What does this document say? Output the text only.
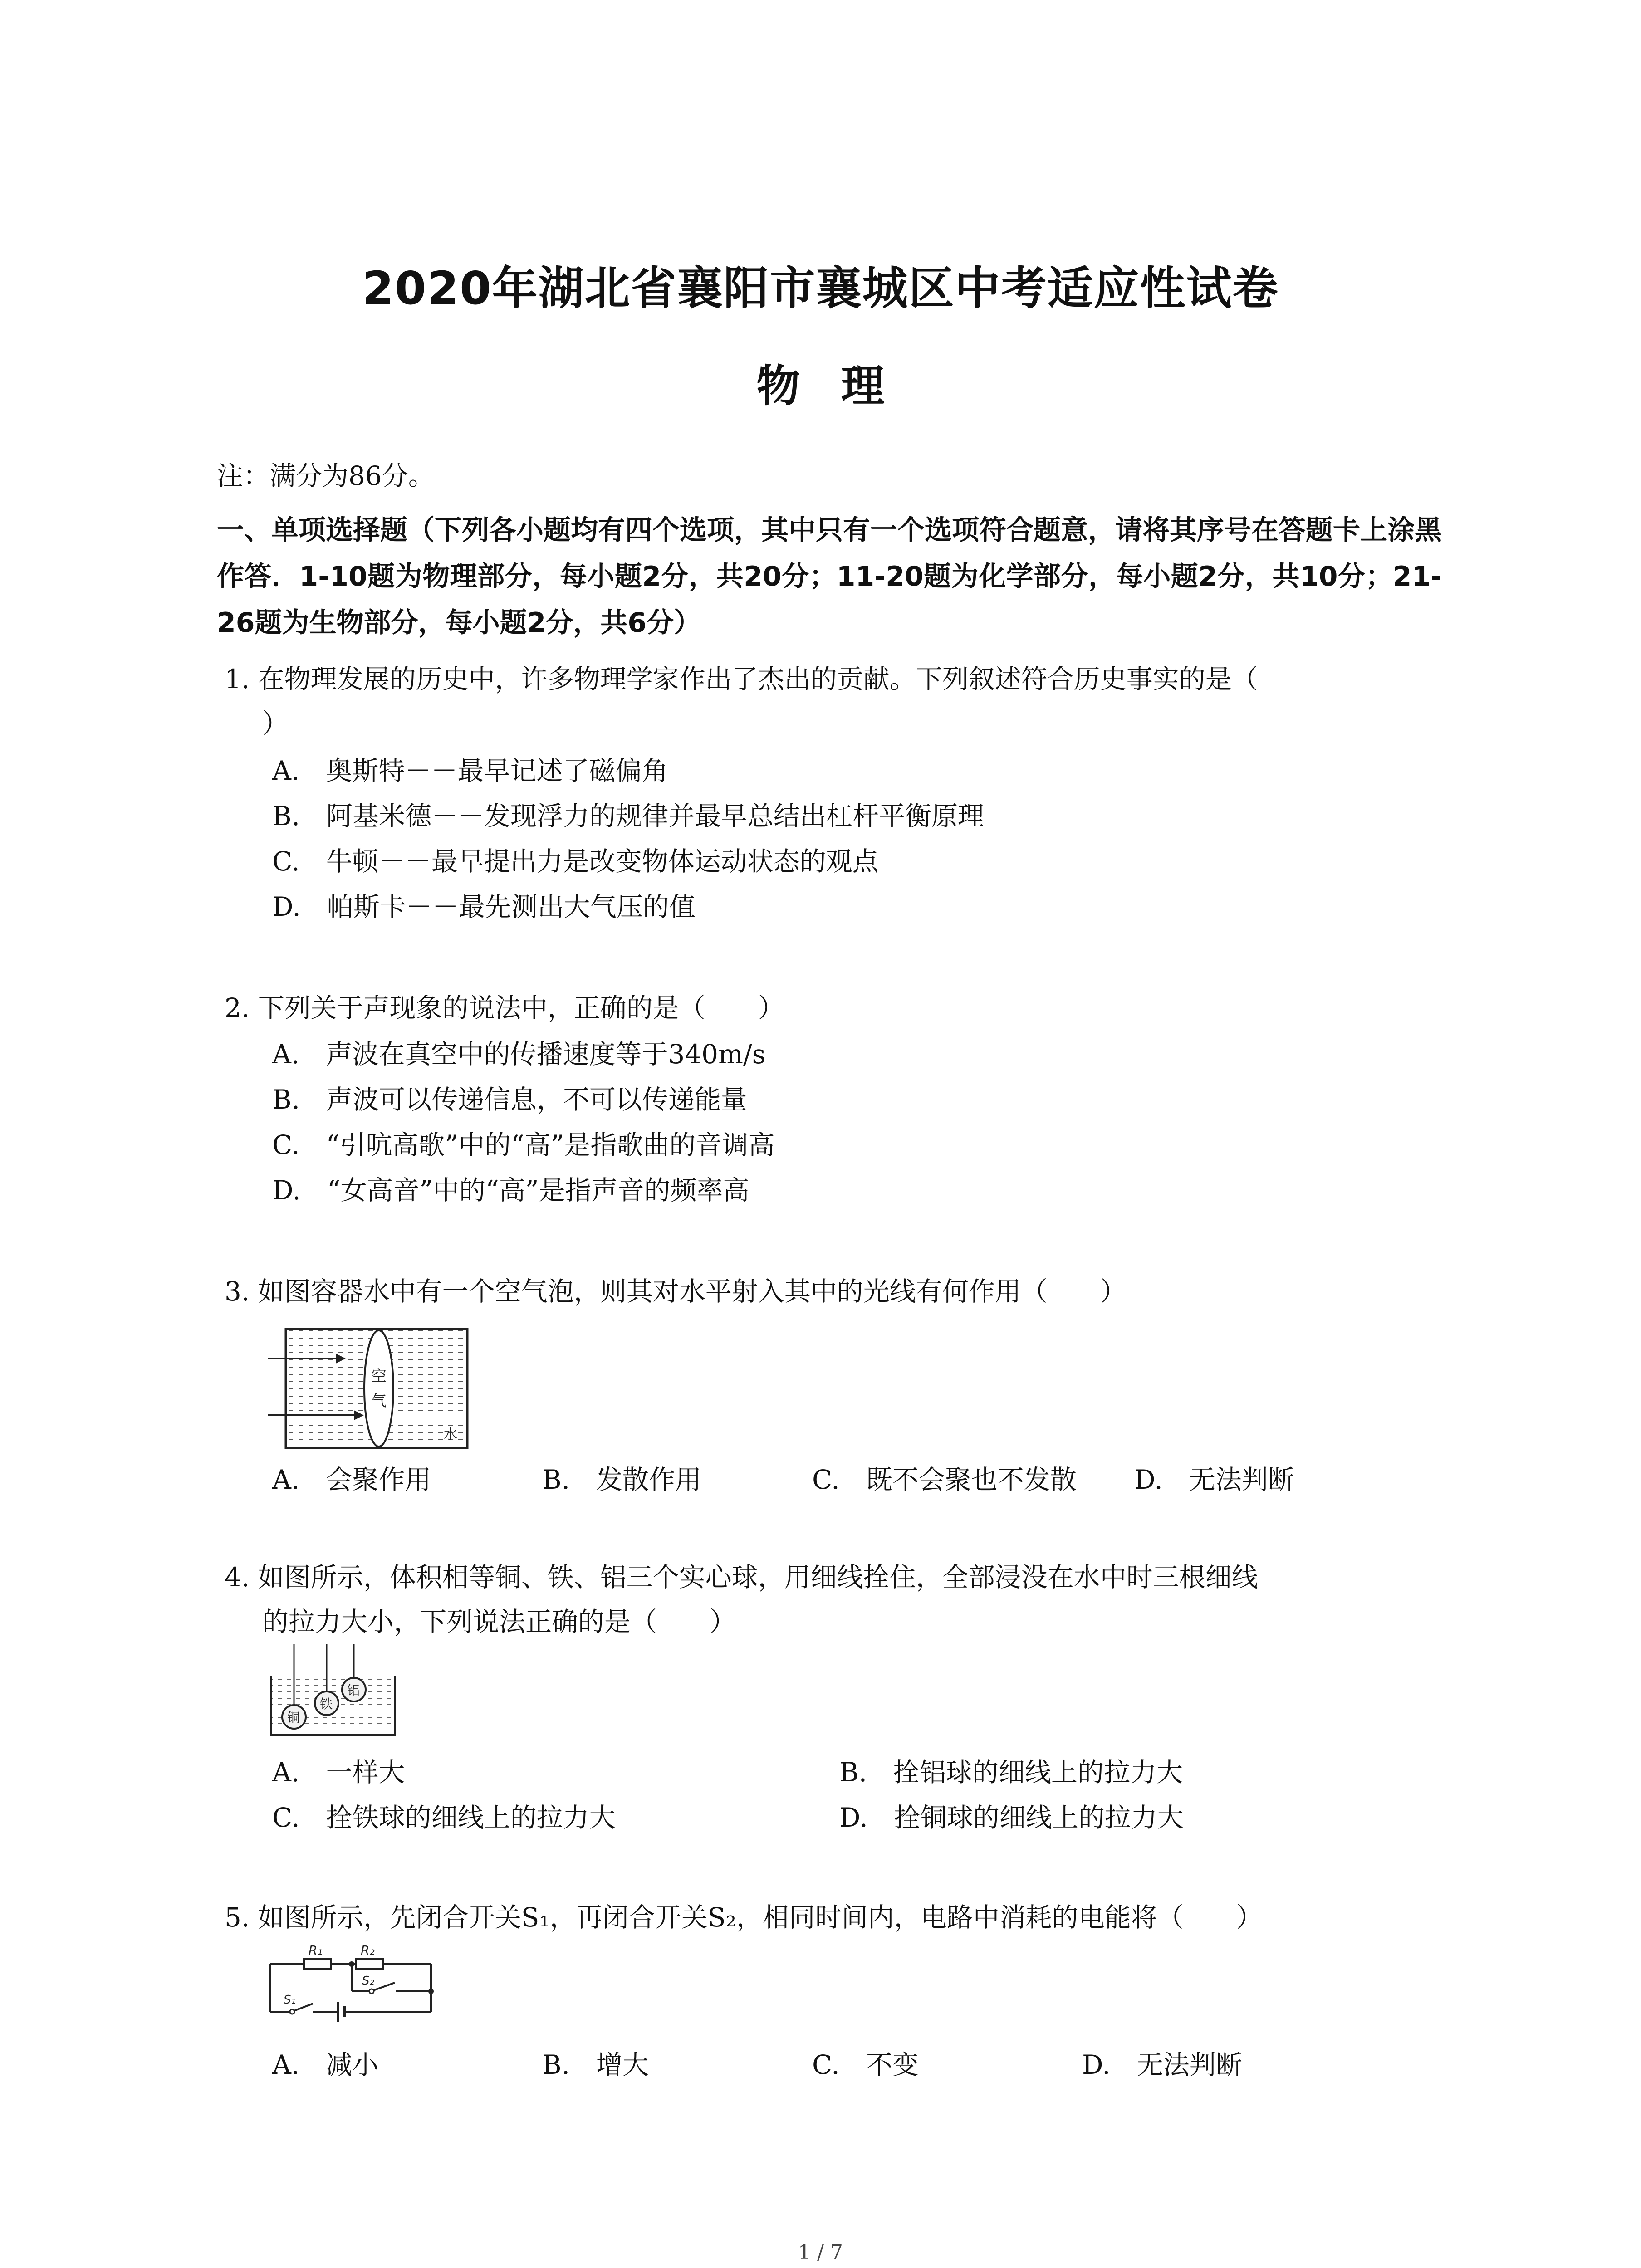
2020年湖北省襄阳市襄城区中考适应性试卷
物理
注：满分为86分。
一、单项选择题（下列各小题均有四个选项，其中只有一个选项符合题意，请将其序号在答题卡上涂黑作答．1-10题为物理部分，每小题2分，共20分；11-20题为化学部分，每小题2分，共10分；21-26题为生物部分，每小题2分，共6分）
1. 在物理发展的历史中，许多物理学家作出了杰出的贡献。下列叙述符合历史事实的是（
）
A.　奥斯特－－最早记述了磁偏角
B.　阿基米德－－发现浮力的规律并最早总结出杠杆平衡原理
C.　牛顿－－最早提出力是改变物体运动状态的观点
D.　帕斯卡－－最先测出大气压的值
2. 下列关于声现象的说法中，正确的是（　　）
A.　声波在真空中的传播速度等于340m/s
B.　声波可以传递信息，不可以传递能量
C.　“引吭高歌”中的“高”是指歌曲的音调高
D.　“女高音”中的“高”是指声音的频率高
3. 如图容器水中有一个空气泡，则其对水平射入其中的光线有何作用（　　）
空
气
水
A.　会聚作用	B.　发散作用	C.　既不会聚也不发散 D.　无法判断
4. 如图所示，体积相等铜、铁、铝三个实心球，用细线拴住，全部浸没在水中时三根细线
的拉力大小，下列说法正确的是（　　）
铜
铁
铝
A.　一样大	B.　拴铝球的细线上的拉力大
C.　拴铁球的细线上的拉力大	D.　拴铜球的细线上的拉力大
5. 如图所示，先闭合开关S₁，再闭合开关S₂，相同时间内，电路中消耗的电能将（　　）
R₁	R₂
S₁
S₂
A.　减小	B.　增大	C.　不变	D.　无法判断
1 / 7
